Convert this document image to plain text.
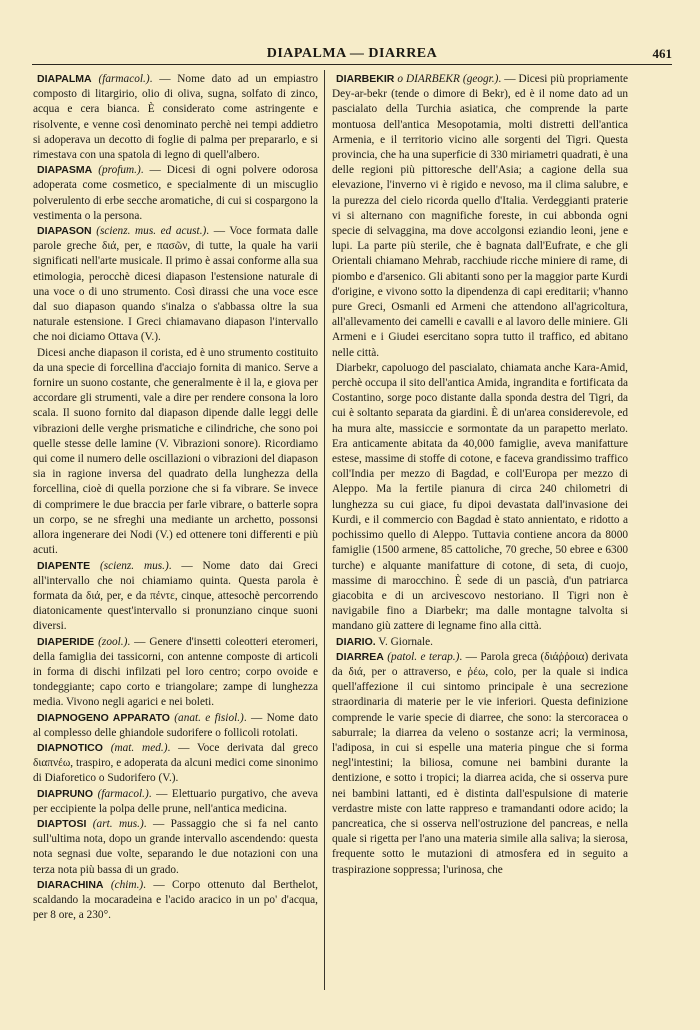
DIAPALMA — DIARREA	461

DIAPALMA (farmacol.). — Nome dato ad un empiastro composto di litargirio, olio di oliva, sugna, solfato di zinco, acqua e cera bianca. È considerato come astringente e risolvente, e venne così denominato perchè nei tempi addietro si adoperava un decotto di foglie di palma per prepararlo, e si rimestava con una spatola di legno di quell'albero.

DIAPASMA (profum.). — Dicesi di ogni polvere odorosa adoperata come cosmetico, e specialmente di un miscuglio polverulento di erbe secche aromatiche, di cui si cospargono la vestimenta o la persona.

DIAPASON (scienz. mus. ed acust.). — Voce formata dalle parole greche διά, per, e πασῶν, di tutte, la quale ha varii significati nell'arte musicale. Il primo è assai conforme alla sua etimologia, perocchè dicesi diapason l'estensione naturale di una voce o di uno strumento. Così dirassi che una voce esce dal suo diapason quando s'inalza o s'abbassa oltre la sua naturale estensione. I Greci chiamavano diapason l'intervallo che noi diciamo Ottava (V.).

Dicesi anche diapason il corista, ed è uno strumento costituito da una specie di forcellina d'acciajo fornita di manico. Serve a fornire un suono costante, che generalmente è il la, e giova per accordare gli strumenti, vale a dire per rendere consona la loro scala. Il suono fornito dal diapason dipende dalle leggi delle vibrazioni delle verghe prismatiche e cilindriche, che sono poi quelle stesse delle lamine (V. Vibrazioni sonore). Ricordiamo qui come il numero delle oscillazioni o vibrazioni del diapason sia in ragione inversa del quadrato della lunghezza della forcellina, cioè di quella porzione che si fa vibrare. Se invece di comprimere le due braccia per farle vibrare, o batterle sopra un corpo, se ne sfreghi una mediante un archetto, possonsi allora ingenerare dei Nodi (V.) ed ottenere toni differenti e più acuti.

DIAPENTE (scienz. mus.). — Nome dato dai Greci all'intervallo che noi chiamiamo quinta. Questa parola è formata da διά, per, e da πέντε, cinque, attesochè percorrendo diatonicamente quest'intervallo si pronunziano cinque suoni diversi.

DIAPERIDE (zool.). — Genere d'insetti coleotteri eteromeri, della famiglia dei tassicorni, con antenne composte di articoli in forma di dischi infilzati pel loro centro; corpo ovoide e tondeggiante; capo corto e triangolare; zampe di lunghezza media. Vivono negli agarici e nei boleti.

DIAPNOGENO APPARATO (anat. e fisiol.). — Nome dato al complesso delle ghiandole sudorifere o follicoli rotolati.

DIAPNOTICO (mat. med.). — Voce derivata dal greco διαπνέω, traspiro, e adoperata da alcuni medici come sinonimo di Diaforetico o Sudorifero (V.).

DIAPRUNO (farmacol.). — Elettuario purgativo, che aveva per eccipiente la polpa delle prune, nell'antica medicina.

DIAPTOSI (art. mus.). — Passaggio che si fa nel canto sull'ultima nota, dopo un grande intervallo ascendendo: questa nota segnasi due volte, separando le due notazioni con una terza nota più bassa di un grado.

DIARACHINA (chim.). — Corpo ottenuto dal Berthelot, scaldando la mocaradeina e l'acido aracico in un po' d'acqua, per 8 ore, a 230°.

DIARBEKIR o DIARBEKR (geogr.). — Dicesi più propriamente Dey-ar-bekr (tende o dimore di Bekr), ed è il nome dato ad un pascialato della Turchia asiatica, che comprende la parte montuosa dell'antica Mesopotamia, molti distretti dell'antica Armenia, e il territorio vicino alle sorgenti del Tigri. Questa provincia, che ha una superficie di 330 miriametri quadrati, è una delle regioni più pittoresche dell'Asia; a cagione della sua elevazione, l'inverno vi è rigido e nevoso, ma il clima salubre, e la purezza del cielo ricorda quello d'Italia. Verdeggianti praterie vi si alternano con magnifiche foreste, in cui abbonda ogni specie di selvaggina, ma dove accolgonsi eziandio leoni, jene e lupi. La parte più sterile, che è bagnata dall'Eufrate, e che gli Orientali chiamano Mehrab, racchiude ricche miniere di rame, di piombo e d'arsenico. Gli abitanti sono per la maggior parte Kurdi d'origine, e vivono sotto la dipendenza di capi ereditarii; v'hanno pure Greci, Osmanli ed Armeni che attendono all'agricoltura, all'allevamento dei camelli e cavalli e al lavoro delle miniere. Gli Armeni e i Giudei esercitano sopra tutto il traffico, ed abitano nelle città.

Diarbekr, capoluogo del pascialato, chiamata anche Kara-Amid, perchè occupa il sito dell'antica Amida, ingrandita e fortificata da Costantino, sorge poco distante dalla sponda destra del Tigri, da cui è soltanto separata da giardini. È di un'area considerevole, ed ha mura alte, massiccie e sormontate da un parapetto merlato. Era anticamente abitata da 40,000 famiglie, aveva manifatture estese, massime di stoffe di cotone, e faceva grandissimo traffico coll'India per mezzo di Bagdad, e coll'Europa per mezzo di Aleppo. Ma la fertile pianura di circa 240 chilometri di lunghezza su cui giace, fu dipoi devastata dall'invasione dei Kurdi, e il commercio con Bagdad è stato annientato, e ridotto a pochissimo quello di Aleppo. Tuttavia contiene ancora da 8000 famiglie (1500 armene, 85 cattoliche, 70 greche, 50 ebree e 6300 turche) e alquante manifatture di cotone, di seta, di cuojo, massime di marocchino. È sede di un pascià, d'un patriarca giacobita e di un arcivescovo nestoriano. Il Tigri non è navigabile fino a Diarbekr; ma dalle montagne talvolta si mandano giù zattere di legname fino alla città.

DIARIO. V. Giornale.

DIARREA (patol. e terap.). — Parola greca (διάῤῥοια) derivata da διά, per o attraverso, e ῥέω, colo, per la quale si indica quell'affezione il cui sintomo principale è una secrezione straordinaria di materie per le vie inferiori. Questa definizione comprende le varie specie di diarree, che sono: la stercoracea o saburrale; la diarrea da veleno o sostanze acri; la verminosa, l'adiposa, in cui si espelle una materia pingue che si forma negl'intestini; la biliosa, comune nei bambini durante la dentizione, e sotto i tropici; la diarrea acida, che si osserva pure nei bambini lattanti, ed è distinta dall'espulsione di materie verdastre miste con latte rappreso e tramandanti odore acido; la pancreatica, che si osserva nell'ostruzione del pancreas, e nella quale si rigetta per l'ano una materia simile alla saliva; la sierosa, frequente sotto le mutazioni di atmosfera ed in seguito a traspirazione soppressa; l'urinosa, che
